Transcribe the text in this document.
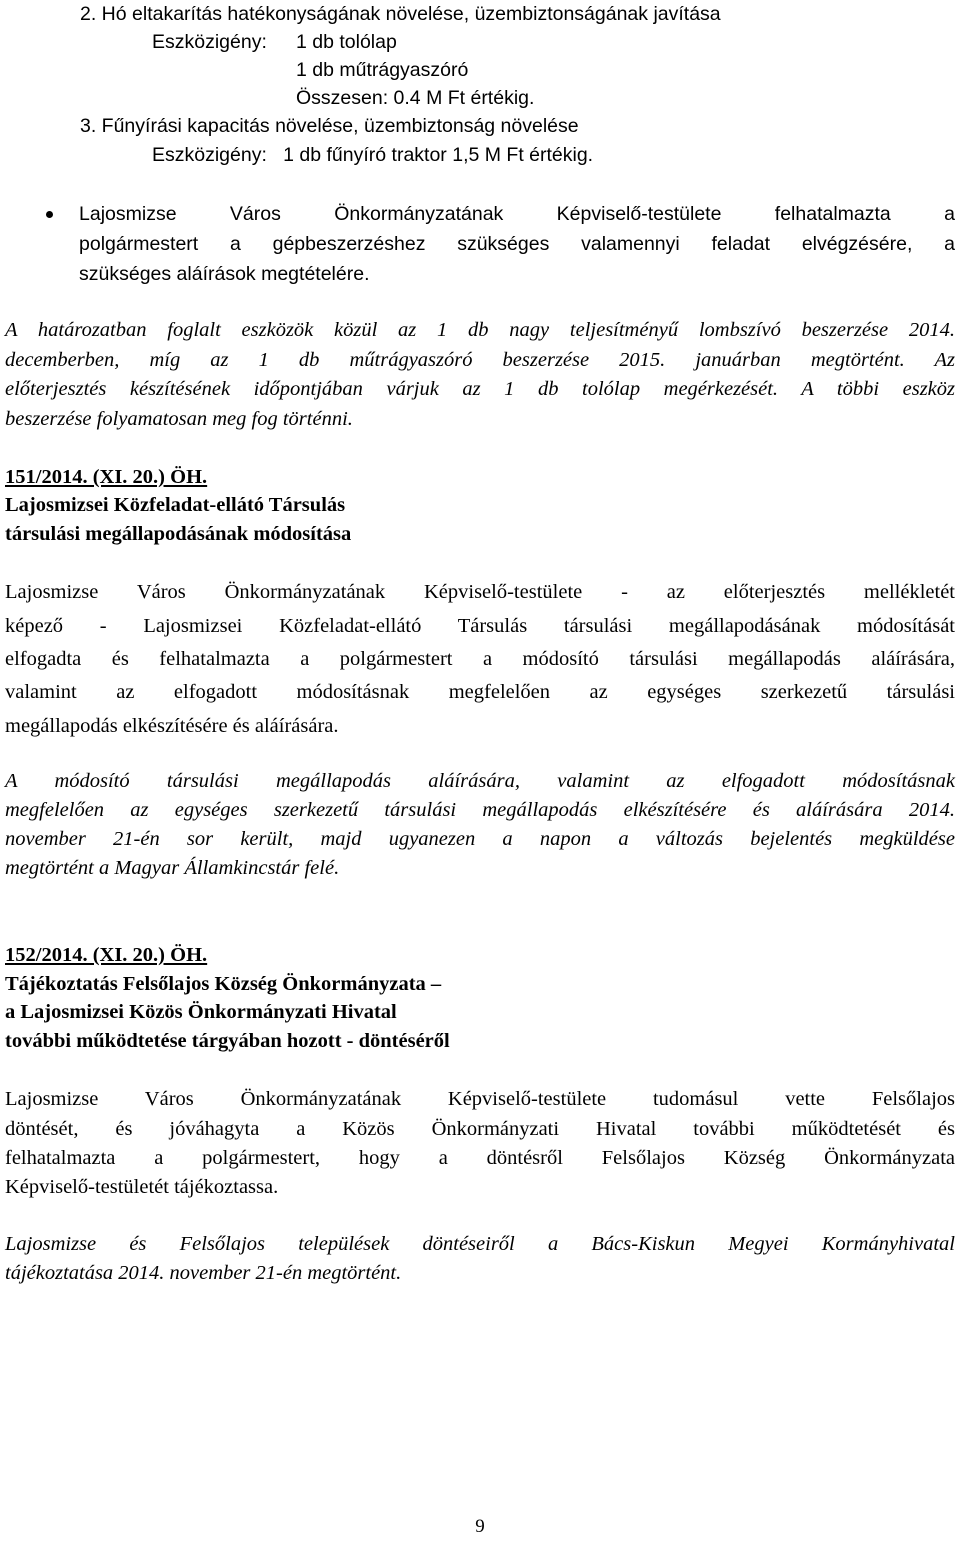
2. Hó eltakarítás hatékonyságának növelése, üzembiztonságának javítása
Eszközigény: 1 db tolólap
1 db műtrágyaszóró
Összesen: 0.4 M Ft értékig.
3. Fűnyírási kapacitás növelése, üzembiztonság növelése
Eszközigény:   1 db fűnyíró traktor 1,5 M Ft értékig.
Lajosmizse Város Önkormányzatának Képviselő-testülete felhatalmazta a
polgármestert a gépbeszerzéshez szükséges valamennyi feladat elvégzésére, a
szükséges aláírások megtételére.
A határozatban foglalt eszközök közül az 1 db nagy teljesítményű lombszívó beszerzése 2014.
decemberben, míg az 1 db műtrágyaszóró beszerzése 2015. januárban megtörtént. Az
előterjesztés készítésének időpontjában várjuk az 1 db tolólap megérkezését. A többi eszköz
beszerzése folyamatosan meg fog történni.
151/2014. (XI. 20.) ÖH.
Lajosmizsei Közfeladat-ellátó Társulás
társulási megállapodásának módosítása
Lajosmizse Város Önkormányzatának Képviselő-testülete - az előterjesztés mellékletét
képező - Lajosmizsei Közfeladat-ellátó Társulás társulási megállapodásának módosítását
elfogadta és felhatalmazta a polgármestert a módosító társulási megállapodás aláírására,
valamint az elfogadott módosításnak megfelelően az egységes szerkezetű társulási
megállapodás elkészítésére és aláírására.
A módosító társulási megállapodás aláírására, valamint az elfogadott módosításnak
megfelelően az egységes szerkezetű társulási megállapodás elkészítésére és aláírására 2014.
november 21-én sor került, majd ugyanezen a napon a változás bejelentés megküldése
megtörtént a Magyar Államkincstár felé.
152/2014. (XI. 20.) ÖH.
Tájékoztatás Felsőlajos Község Önkormányzata –
a Lajosmizsei Közös Önkormányzati Hivatal
további működtetése tárgyában hozott - döntéséről
Lajosmizse Város Önkormányzatának Képviselő-testülete tudomásul vette Felsőlajos
döntését, és jóváhagyta a Közös Önkormányzati Hivatal további működtetését és
felhatalmazta a polgármestert, hogy a döntésről Felsőlajos Község Önkormányzata
Képviselő-testületét tájékoztassa.
Lajosmizse és Felsőlajos települések döntéseiről a Bács-Kiskun Megyei Kormányhivatal
tájékoztatása 2014. november 21-én megtörtént.
9
